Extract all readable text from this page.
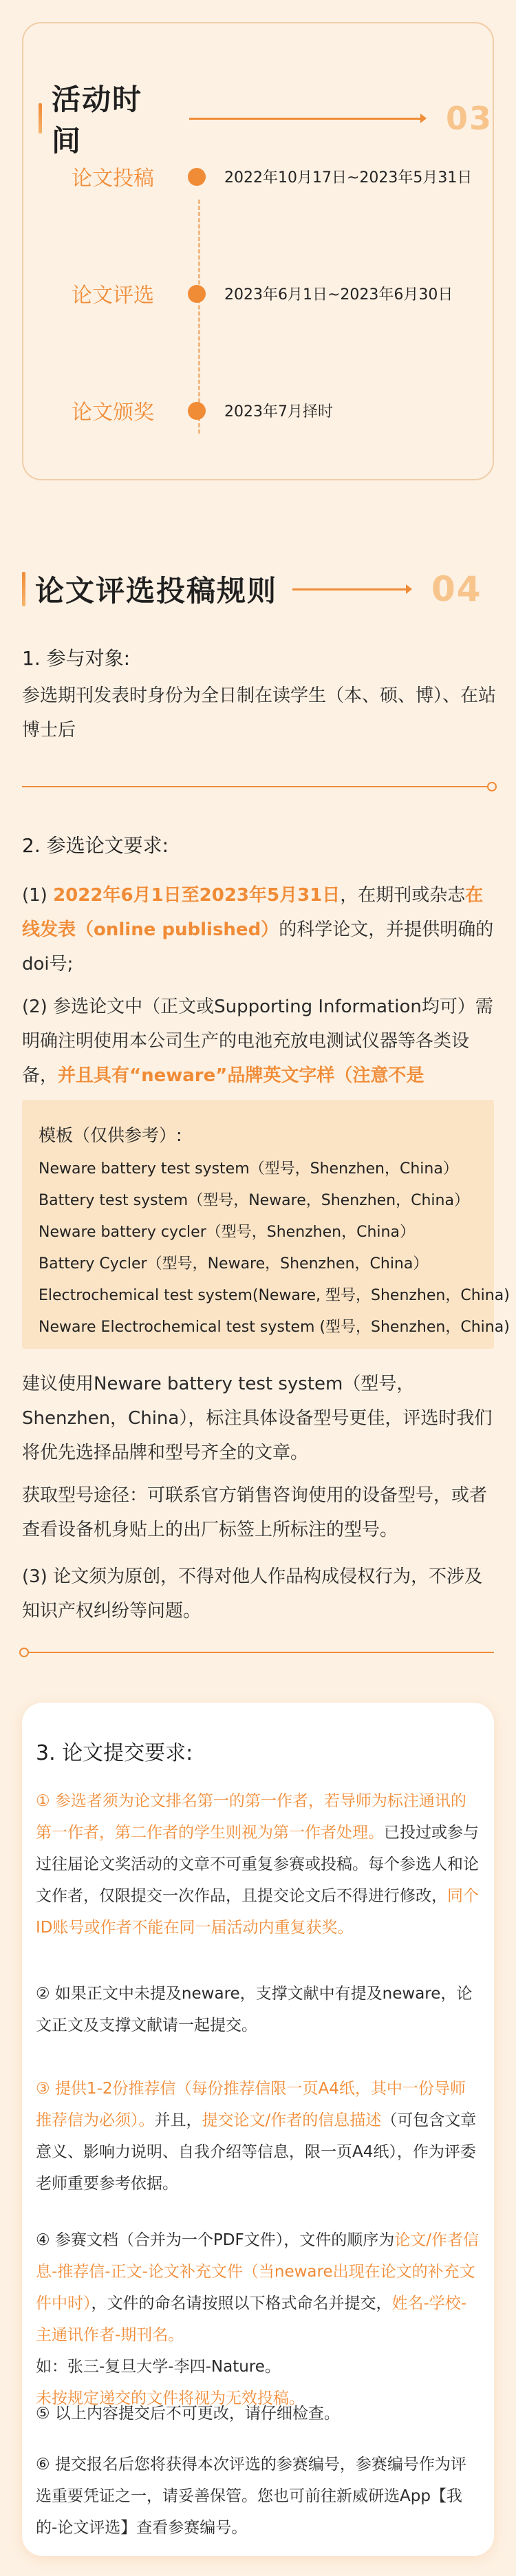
活动时间
03
论文投稿	2022年10月17日~2023年5月31日
论文评选	2023年6月1日~2023年6月30日
论文颁奖	2023年7月择时
论文评选投稿规则	04
1. 参与对象:
参选期刊发表时身份为全日制在读学生（本、硕、博）、在站博士后
2. 参选论文要求:
(1) 2022年6月1日至2023年5月31日，在期刊或杂志在线发表（online published）的科学论文，并提供明确的doi号;
(2) 参选论文中（正文或Supporting Information均可）需明确注明使用本公司生产的电池充放电测试仪器等各类设备，并且具有“neware”品牌英文字样（注意不是
模板（仅供参考）:
Neware battery test system（型号，Shenzhen，China）
Battery test system（型号，Neware，Shenzhen，China）
Neware battery cycler（型号，Shenzhen，China）
Battery Cycler（型号，Neware，Shenzhen，China）
Electrochemical test system(Neware, 型号，Shenzhen，China)
Neware Electrochemical test system (型号，Shenzhen，China)
建议使用Neware battery test system（型号，Shenzhen，China），标注具体设备型号更佳，评选时我们将优先选择品牌和型号齐全的文章。
获取型号途径：可联系官方销售咨询使用的设备型号，或者查看设备机身贴上的出厂标签上所标注的型号。
(3) 论文须为原创，不得对他人作品构成侵权行为，不涉及知识产权纠纷等问题。
3. 论文提交要求:
① 参选者须为论文排名第一的第一作者，若导师为标注通讯的第一作者，第二作者的学生则视为第一作者处理。已投过或参与过往届论文奖活动的文章不可重复参赛或投稿。每个参选人和论文作者，仅限提交一次作品，且提交论文后不得进行修改，同个ID账号或作者不能在同一届活动内重复获奖。
② 如果正文中未提及neware，支撑文献中有提及neware，论文正文及支撑文献请一起提交。
③ 提供1-2份推荐信（每份推荐信限一页A4纸，其中一份导师推荐信为必须）。并且，提交论文/作者的信息描述（可包含文章意义、影响力说明、自我介绍等信息，限一页A4纸），作为评委老师重要参考依据。
④ 参赛文档（合并为一个PDF文件），文件的顺序为论文/作者信息-推荐信-正文-论文补充文件（当neware出现在论文的补充文件中时），文件的命名请按照以下格式命名并提交，姓名-学校-主通讯作者-期刊名。
如：张三-复旦大学-李四-Nature。
未按规定递交的文件将视为无效投稿。
⑤ 以上内容提交后不可更改，请仔细检查。
⑥ 提交报名后您将获得本次评选的参赛编号，参赛编号作为评选重要凭证之一，请妥善保管。您也可前往新威研选App【我的-论文评选】查看参赛编号。
